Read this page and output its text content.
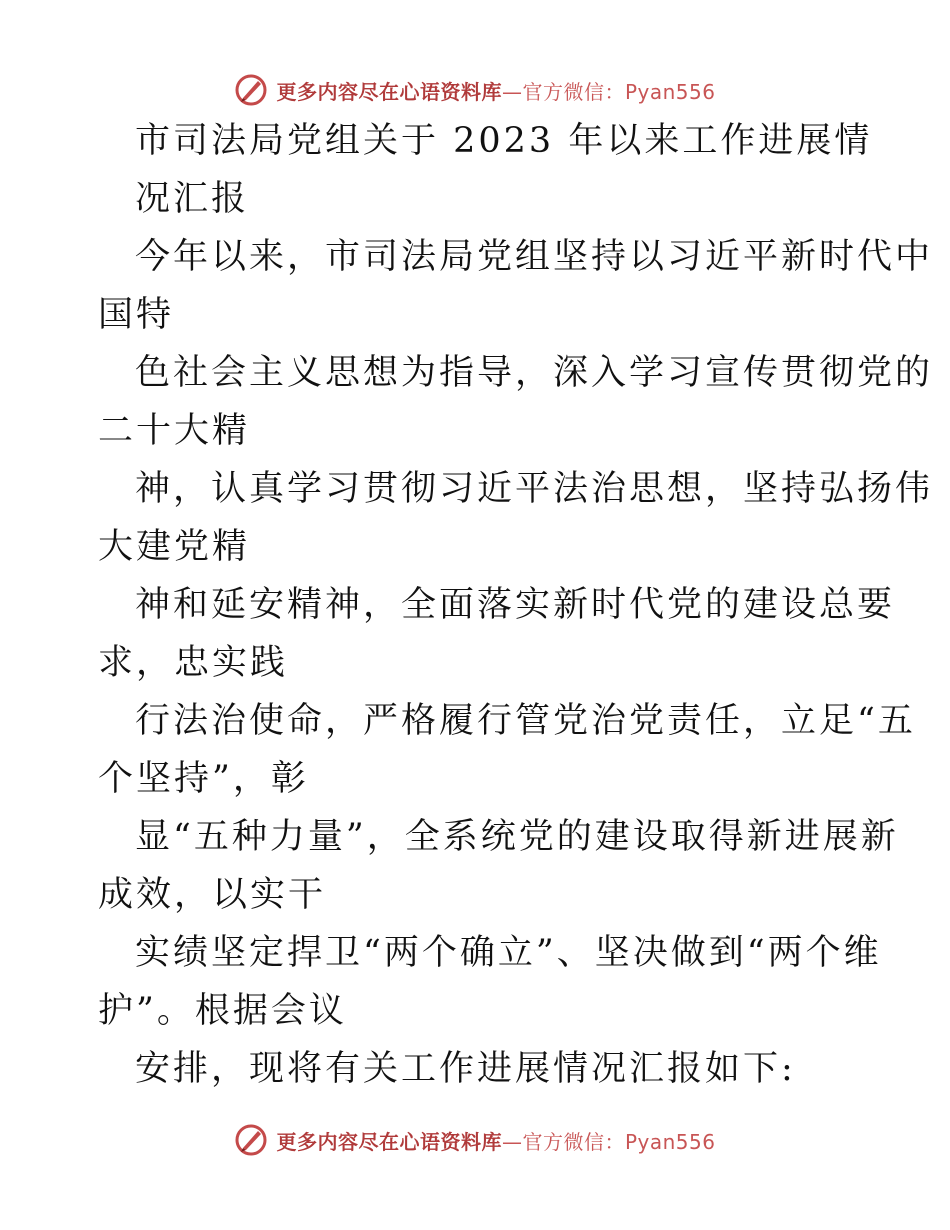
更多内容尽在心语资料库—官方微信：Pyan556
市司法局党组关于 2023 年以来工作进展情
况汇报
今年以来，市司法局党组坚持以习近平新时代中
国特
色社会主义思想为指导，深入学习宣传贯彻党的
二十大精
神，认真学习贯彻习近平法治思想，坚持弘扬伟
大建党精
神和延安精神，全面落实新时代党的建设总要
求，忠实践
行法治使命，严格履行管党治党责任，立足“五
个坚持”，彰
显“五种力量”，全系统党的建设取得新进展新
成效，以实干
实绩坚定捍卫“两个确立”、坚决做到“两个维
护”。根据会议
安排，现将有关工作进展情况汇报如下:
更多内容尽在心语资料库—官方微信：Pyan556
